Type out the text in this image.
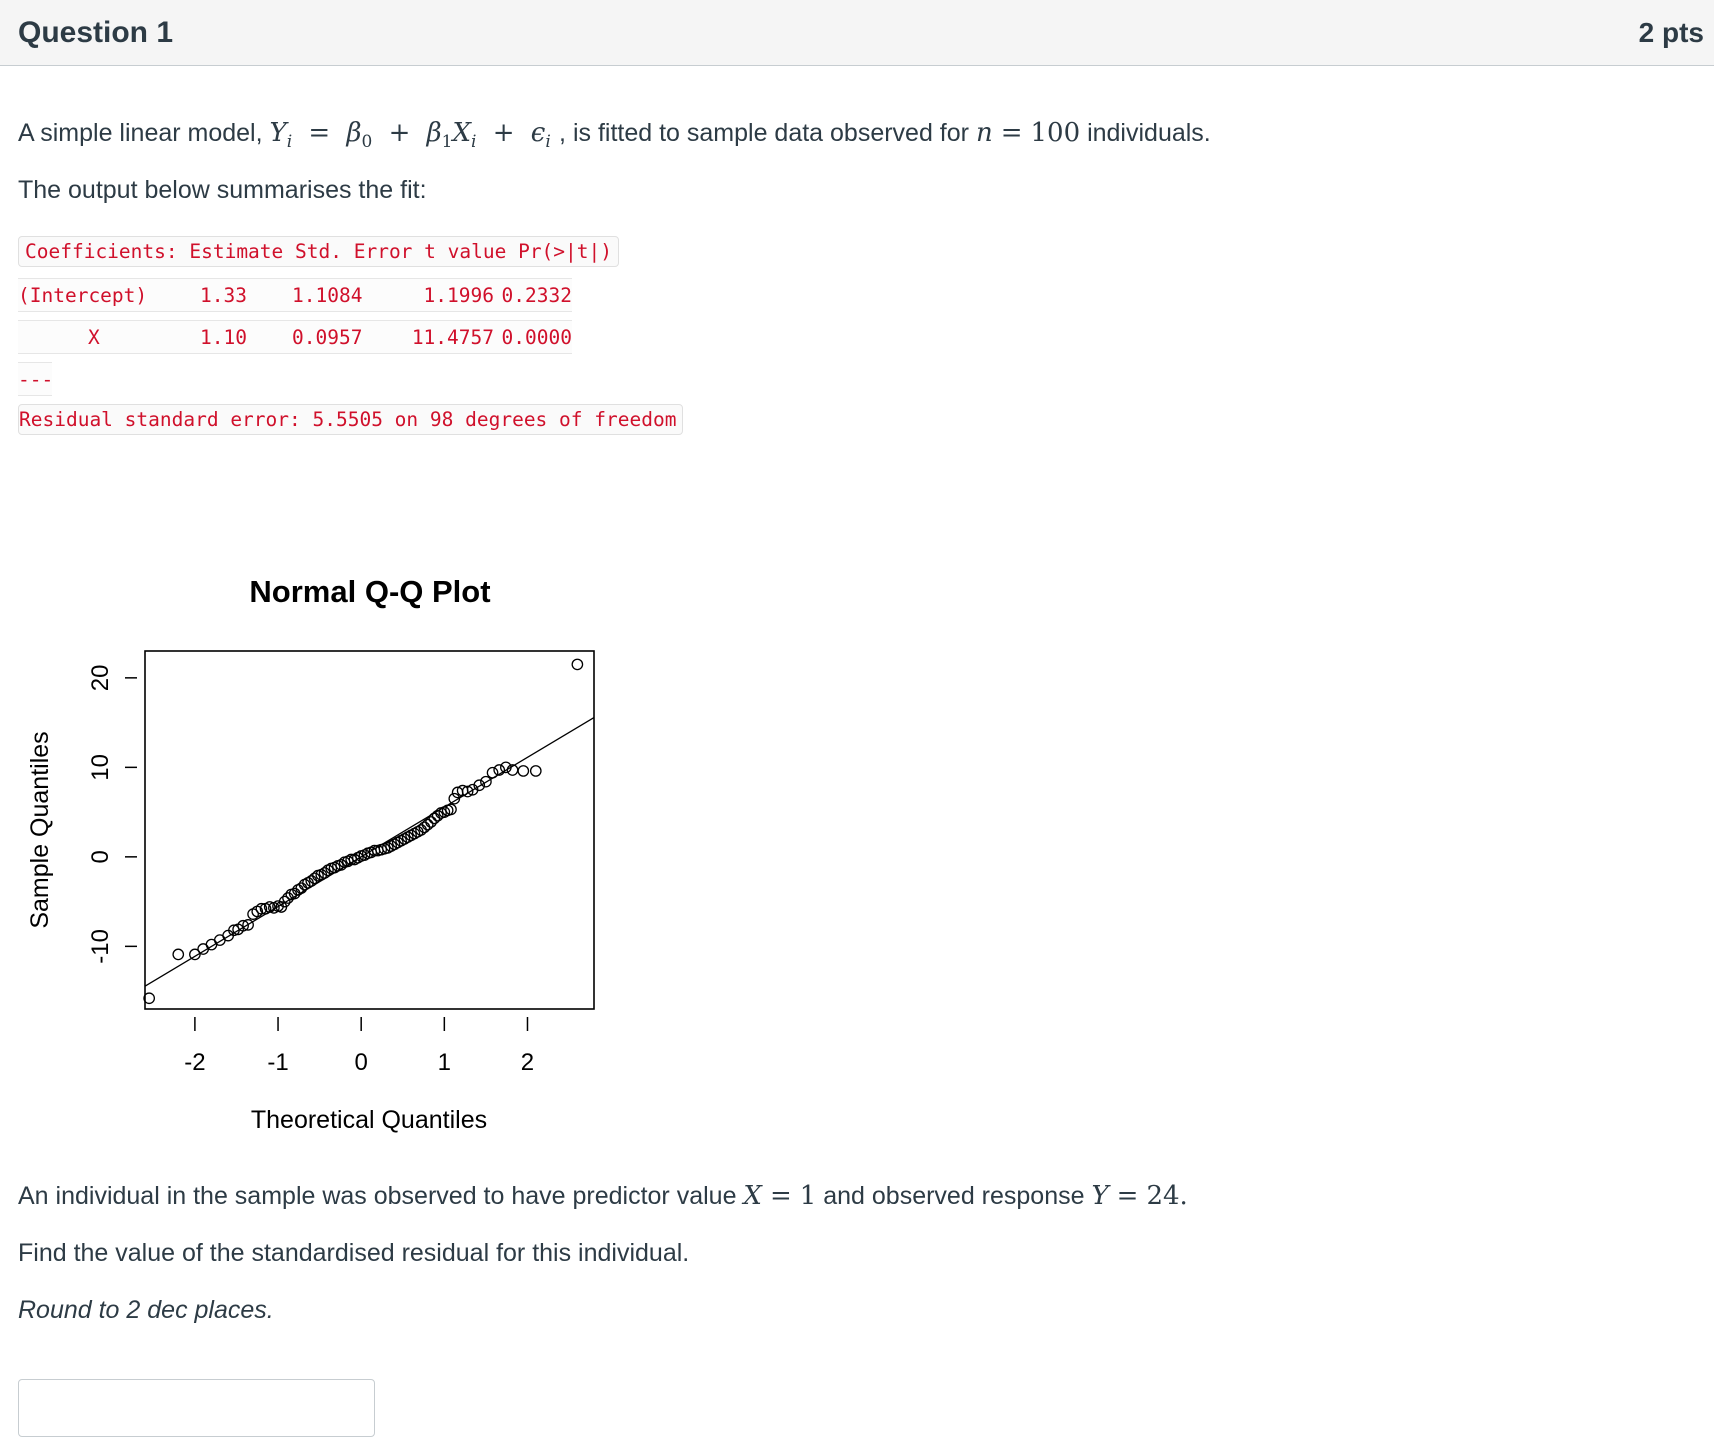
Question 1	2 pts
A simple linear model, $Y_i = \beta_0 + \beta_1X_i + \epsilon_i$ , is fitted to sample data observed for n = 100 individuals.
The output below summarises the fit:
Coefficients: Estimate Std. Error t value Pr(>|t|)
(Intercept)	1.33	1.1084	1.1996 0.2332
X	1.10	0.0957	11.4757 0.0000
---
Residual standard error: 5.5505 on 98 degrees of freedom
Normal Q-Q Plot
-2	-1	0	1	2
-10
0
10
20
Theoretical Quantiles
Sample Quantiles
An individual in the sample was observed to have predictor value X = 1 and observed response Y = 24.
Find the value of the standardised residual for this individual.
Round to 2 dec places.
